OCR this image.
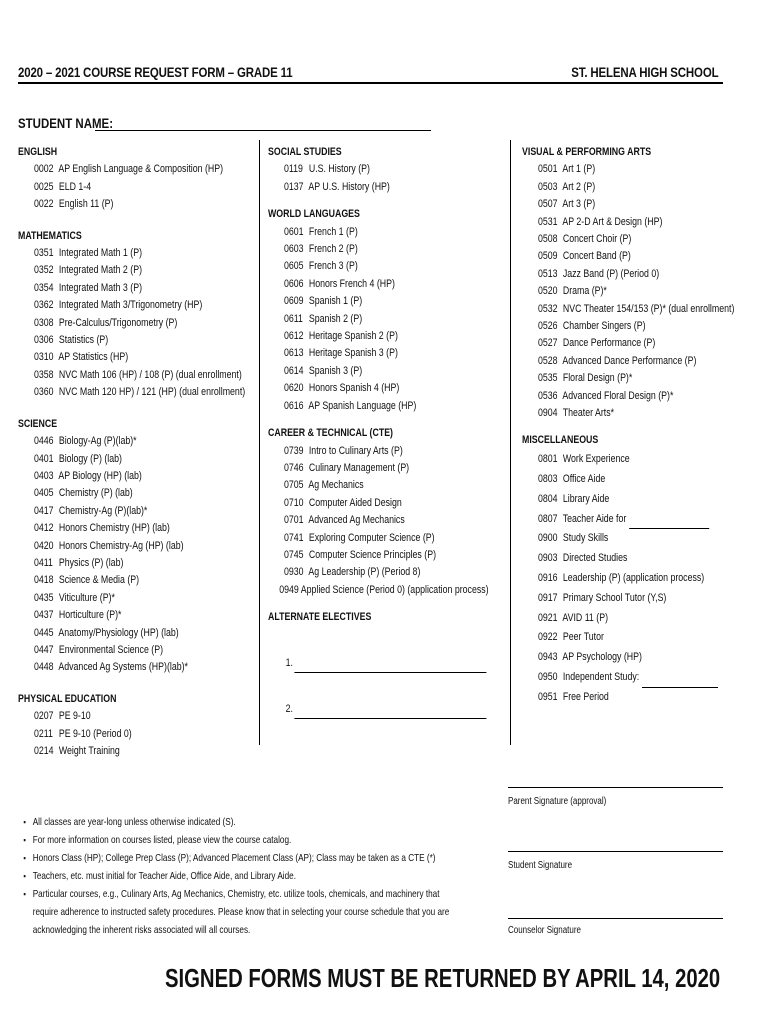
2020 – 2021 COURSE REQUEST FORM – GRADE 11	ST. HELENA HIGH SCHOOL
STUDENT NAME:
ENGLISH
0002 AP English Language & Composition (HP)
0025 ELD 1-4
0022 English 11 (P)
MATHEMATICS
0351 Integrated Math 1 (P)
0352 Integrated Math 2 (P)
0354 Integrated Math 3 (P)
0362 Integrated Math 3/Trigonometry (HP)
0308 Pre-Calculus/Trigonometry (P)
0306 Statistics (P)
0310 AP Statistics (HP)
0358 NVC Math 106 (HP) / 108 (P) (dual enrollment)
0360 NVC Math 120 HP) / 121 (HP) (dual enrollment)
SCIENCE
0446 Biology-Ag (P)(lab)*
0401 Biology (P) (lab)
0403 AP Biology (HP) (lab)
0405 Chemistry (P) (lab)
0417 Chemistry-Ag (P)(lab)*
0412 Honors Chemistry (HP) (lab)
0420 Honors Chemistry-Ag (HP) (lab)
0411 Physics (P) (lab)
0418 Science & Media (P)
0435 Viticulture (P)*
0437 Horticulture (P)*
0445 Anatomy/Physiology (HP) (lab)
0447 Environmental Science (P)
0448 Advanced Ag Systems (HP)(lab)*
PHYSICAL EDUCATION
0207 PE 9-10
0211 PE 9-10 (Period 0)
0214 Weight Training
SOCIAL STUDIES
0119 U.S. History (P)
0137 AP U.S. History (HP)
WORLD LANGUAGES
0601 French 1 (P)
0603 French 2 (P)
0605 French 3 (P)
0606 Honors French 4 (HP)
0609 Spanish 1 (P)
0611 Spanish 2 (P)
0612 Heritage Spanish 2 (P)
0613 Heritage Spanish 3 (P)
0614 Spanish 3 (P)
0620 Honors Spanish 4 (HP)
0616 AP Spanish Language (HP)
CAREER & TECHNICAL (CTE)
0739 Intro to Culinary Arts (P)
0746 Culinary Management (P)
0705 Ag Mechanics
0710 Computer Aided Design
0701 Advanced Ag Mechanics
0741 Exploring Computer Science (P)
0745 Computer Science Principles (P)
0930 Ag Leadership (P) (Period 8)
0949 Applied Science (Period 0) (application process)
ALTERNATE ELECTIVES
1.
2.
VISUAL & PERFORMING ARTS
0501 Art 1 (P)
0503 Art 2 (P)
0507 Art 3 (P)
0531 AP 2-D Art & Design (HP)
0508 Concert Choir (P)
0509 Concert Band (P)
0513 Jazz Band (P) (Period 0)
0520 Drama (P)*
0532 NVC Theater 154/153 (P)* (dual enrollment)
0526 Chamber Singers (P)
0527 Dance Performance (P)
0528 Advanced Dance Performance (P)
0535 Floral Design (P)*
0536 Advanced Floral Design (P)*
0904 Theater Arts*
MISCELLANEOUS
0801 Work Experience
0803 Office Aide
0804 Library Aide
0807 Teacher Aide for
0900 Study Skills
0903 Directed Studies
0916 Leadership (P) (application process)
0917 Primary School Tutor (Y,S)
0921 AVID 11 (P)
0922 Peer Tutor
0943 AP Psychology (HP)
0950 Independent Study:
0951 Free Period
Parent Signature (approval)
Student Signature
Counselor Signature
▪ All classes are year-long unless otherwise indicated (S).
▪ For more information on courses listed, please view the course catalog.
▪ Honors Class (HP); College Prep Class (P); Advanced Placement Class (AP); Class may be taken as a CTE (*)
▪ Teachers, etc. must initial for Teacher Aide, Office Aide, and Library Aide.
▪ Particular courses, e.g., Culinary Arts, Ag Mechanics, Chemistry, etc. utilize tools, chemicals, and machinery that require adherence to instructed safety procedures. Please know that in selecting your course schedule that you are acknowledging the inherent risks associated will all courses.
SIGNED FORMS MUST BE RETURNED BY APRIL 14, 2020
